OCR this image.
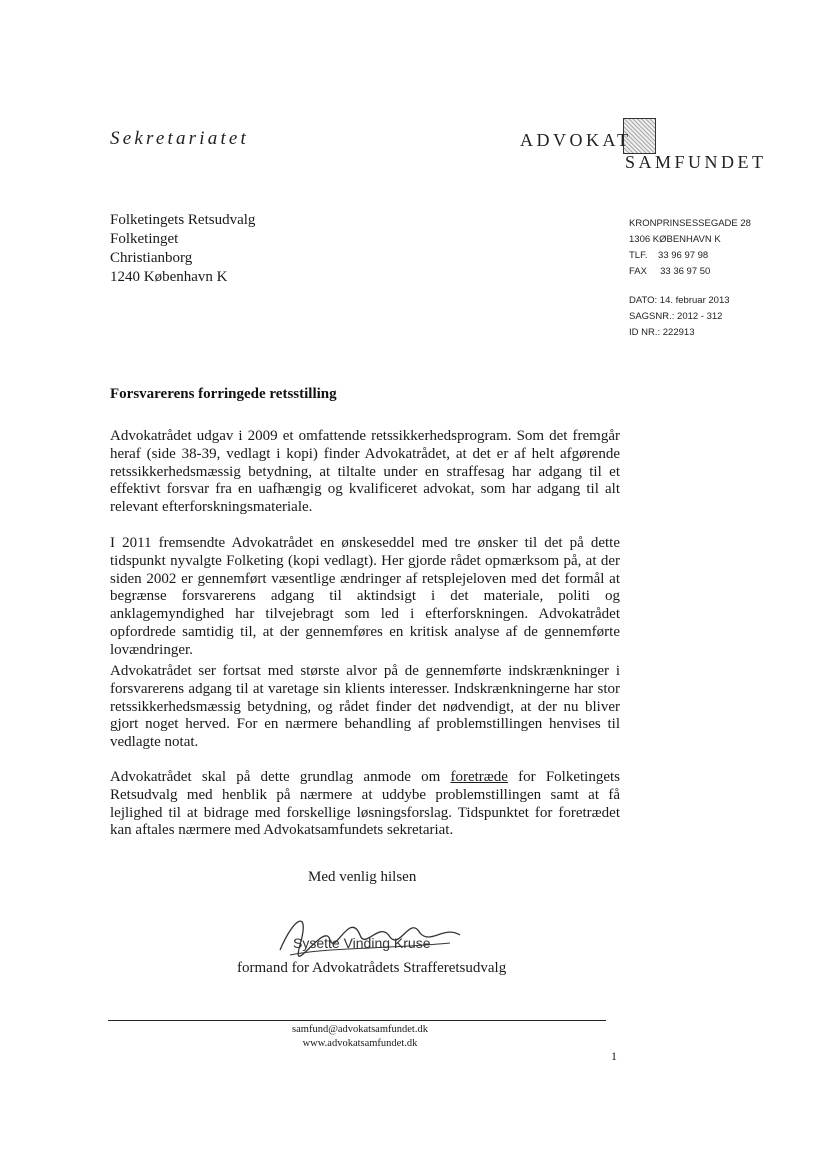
Sekretariatet	ADVOKAT
SAMFUNDET
Folketingets Retsudvalg
Folketinget
Christianborg
1240 København K
KRONPRINSESSEGADE 28
1306 KØBENHAVN K
TLF.    33 96 97 98
FAX     33 36 97 50
DATO: 14. februar 2013
SAGSNR.: 2012 - 312
ID NR.: 222913
Forsvarerens forringede retsstilling
Advokatrådet udgav i 2009 et omfattende retssikkerhedsprogram. Som det fremgår heraf (side 38-39, vedlagt i kopi) finder Advokatrådet, at det er af helt afgørende retssikkerhedsmæssig betydning, at tiltalte under en straffesag har adgang til et effektivt forsvar fra en uafhængig og kvalificeret advokat, som har adgang til alt relevant efterforskningsmateriale.
I 2011 fremsendte Advokatrådet en ønskeseddel med tre ønsker til det på dette tidspunkt nyvalgte Folketing (kopi vedlagt). Her gjorde rådet opmærksom på, at der siden 2002 er gennemført væsentlige ændringer af retsplejeloven med det formål at begrænse forsvarerens adgang til aktindsigt i det materiale, politi og anklagemyndighed har tilvejebragt som led i efterforskningen. Advokatrådet opfordrede samtidig til, at der gennemføres en kritisk analyse af de gennemførte lovændringer.
Advokatrådet ser fortsat med største alvor på de gennemførte indskrænkninger i forsvarerens adgang til at varetage sin klients interesser. Indskrænkningerne har stor retssikkerhedsmæssig betydning, og rådet finder det nødvendigt, at der nu bliver gjort noget herved. For en nærmere behandling af problemstillingen henvises til vedlagte notat.
Advokatrådet skal på dette grundlag anmode om foretræde for Folketingets Retsudvalg med henblik på nærmere at uddybe problemstillingen samt at få lejlighed til at bidrage med forskellige løsningsforslag. Tidspunktet for foretrædet kan aftales nærmere med Advokatsamfundets sekretariat.
Med venlig hilsen
Sysette Vinding Kruse
formand for Advokatrådets Strafferetsudvalg
samfund@advokatsamfundet.dk
www.advokatsamfundet.dk
1
